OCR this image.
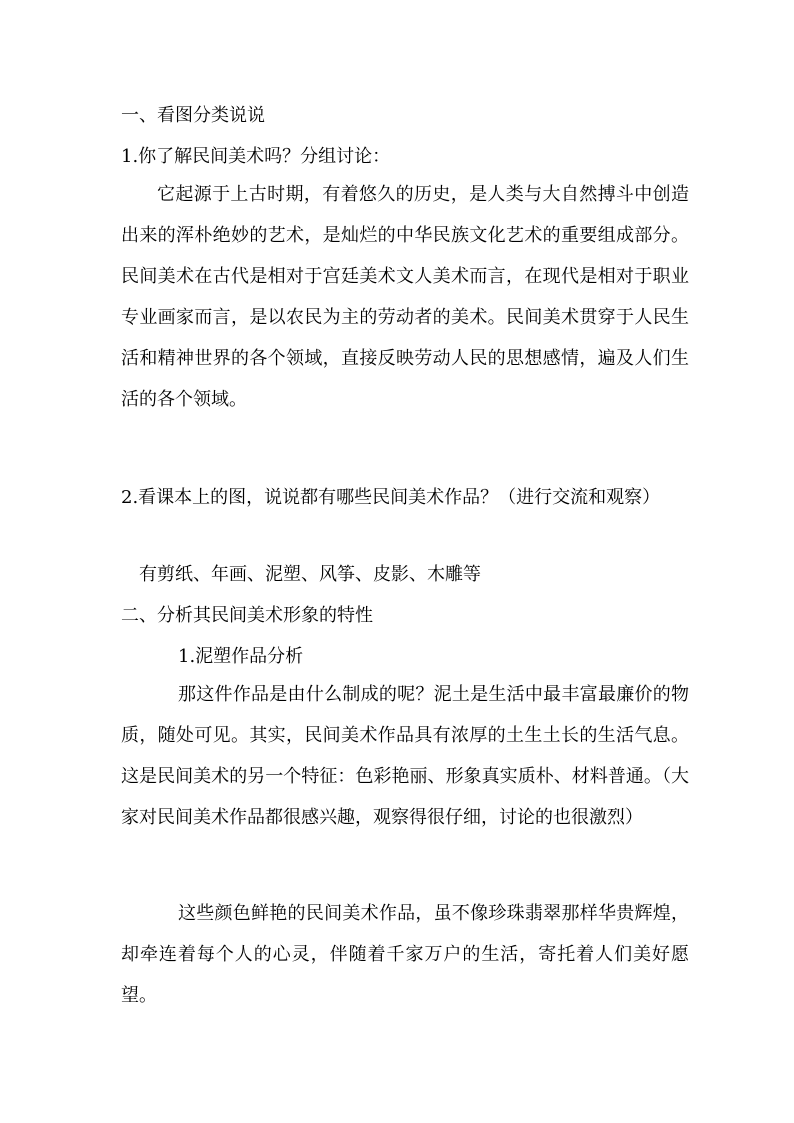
一、看图分类说说
1.你了解民间美术吗？分组讨论：

它起源于上古时期，有着悠久的历史，是人类与大自然搏斗中创造出来的浑朴绝妙的艺术，是灿烂的中华民族文化艺术的重要组成部分。民间美术在古代是相对于宫廷美术文人美术而言，在现代是相对于职业专业画家而言，是以农民为主的劳动者的美术。民间美术贯穿于人民生活和精神世界的各个领域，直接反映劳动人民的思想感情，遍及人们生活的各个领域。

2.看课本上的图，说说都有哪些民间美术作品？（进行交流和观察）

有剪纸、年画、泥塑、风筝、皮影、木雕等
二、分析其民间美术形象的特性
1.泥塑作品分析

那这件作品是由什么制成的呢？泥土是生活中最丰富最廉价的物质，随处可见。其实，民间美术作品具有浓厚的土生土长的生活气息。这是民间美术的另一个特征：色彩艳丽、形象真实质朴、材料普通。（大家对民间美术作品都很感兴趣，观察得很仔细，讨论的也很激烈）

这些颜色鲜艳的民间美术作品，虽不像珍珠翡翠那样华贵辉煌，却牵连着每个人的心灵，伴随着千家万户的生活，寄托着人们美好愿望。
